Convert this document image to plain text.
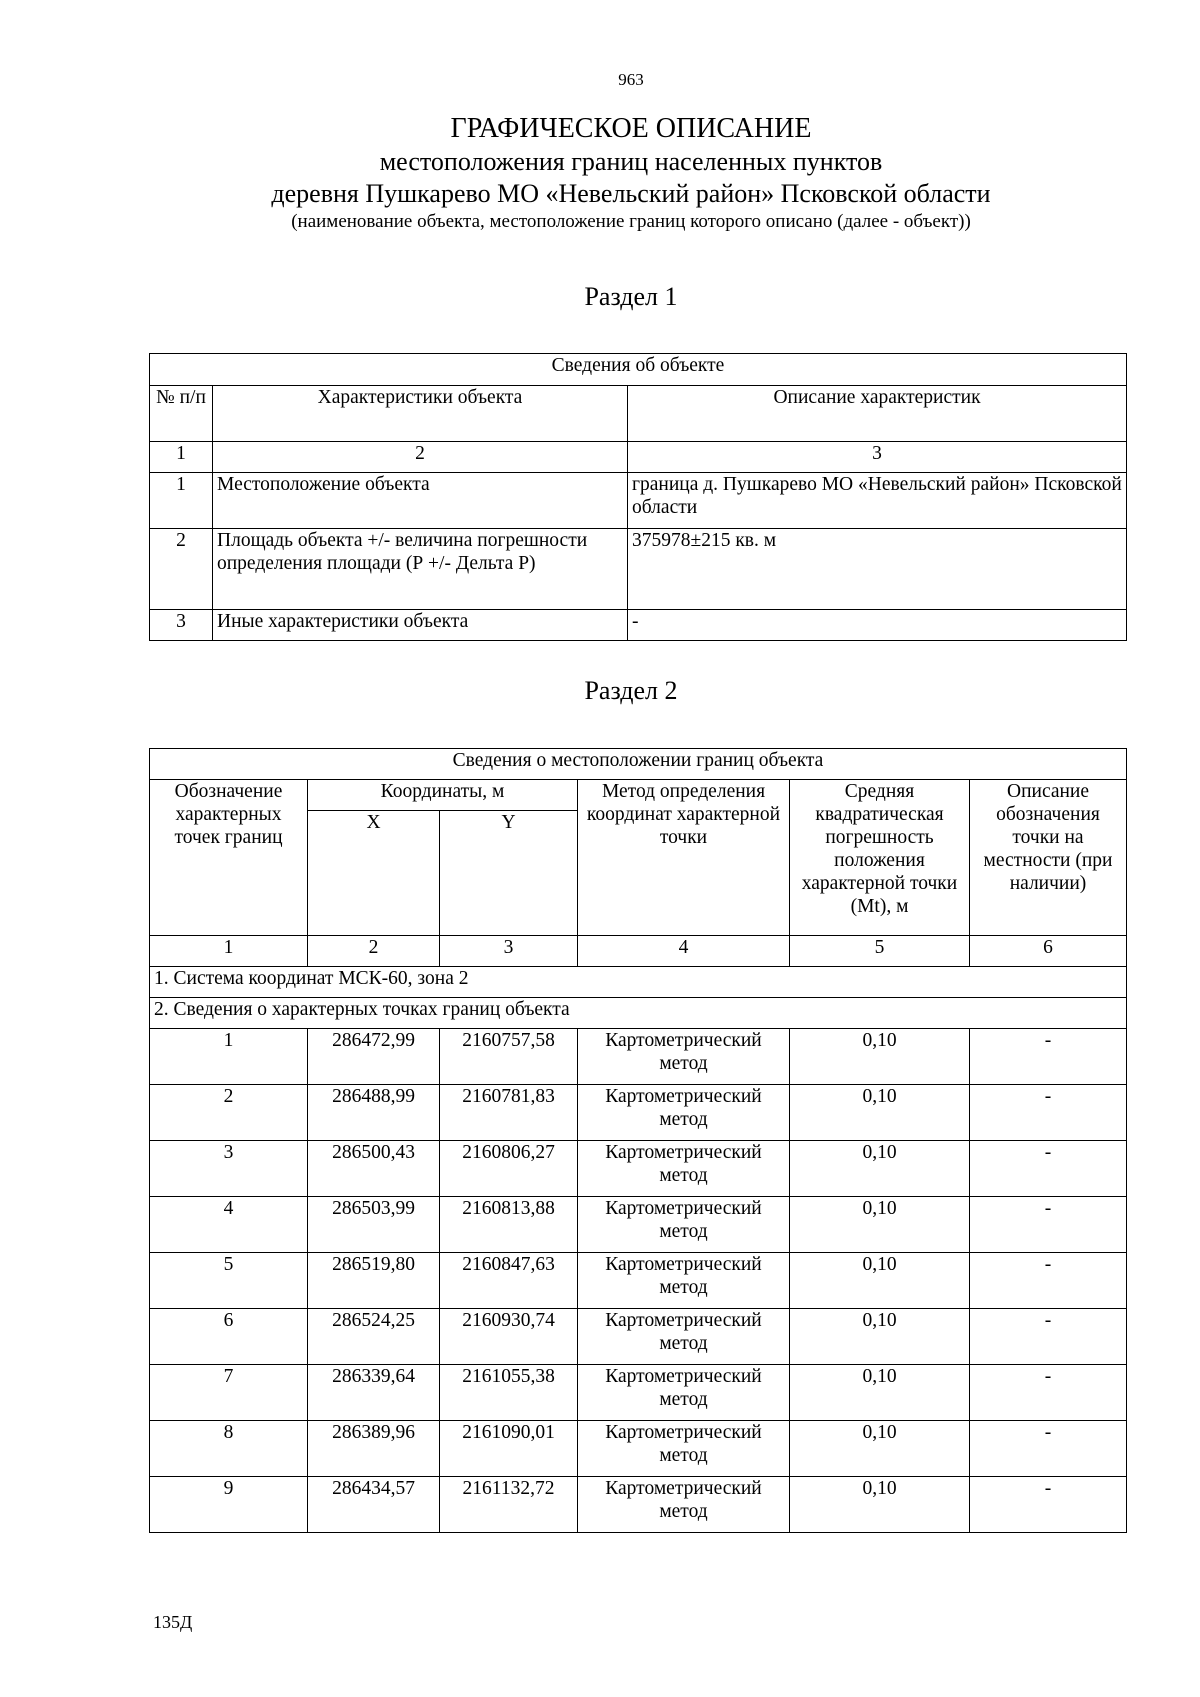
963
ГРАФИЧЕСКОЕ ОПИСАНИЕ
местоположения границ населенных пунктов
деревня Пушкарево МО «Невельский район» Псковской области
(наименование объекта, местоположение границ которого описано (далее - объект))
Раздел 1
Сведения об объекте		
№ п/п	Характеристики объекта	Описание характеристик
1	2	3
1	Местоположение объекта	граница д. Пушкарево МО «Невельский район» Псковской области
2	Площадь объекта +/- величина погрешности определения площади (Р +/- Дельта Р)	375978±215 кв. м
3	Иные характеристики объекта	-
Раздел 2
Сведения о местоположении границ объекта					
Обозначение характерных точек границ	Координаты, м		Метод определения координат характерной точки	Средняя квадратическая погрешность положения характерной точки (Mt), м	Описание обозначения точки на местности (при наличии)
	X	Y			
1	2	3	4	5	6
1. Система координат МСК-60, зона 2					
2. Сведения о характерных точках границ объекта					
1	286472,99	2160757,58	Картометрический метод	0,10	-
2	286488,99	2160781,83	Картометрический метод	0,10	-
3	286500,43	2160806,27	Картометрический метод	0,10	-
4	286503,99	2160813,88	Картометрический метод	0,10	-
5	286519,80	2160847,63	Картометрический метод	0,10	-
6	286524,25	2160930,74	Картометрический метод	0,10	-
7	286339,64	2161055,38	Картометрический метод	0,10	-
8	286389,96	2161090,01	Картометрический метод	0,10	-
9	286434,57	2161132,72	Картометрический метод	0,10	-
135Д
